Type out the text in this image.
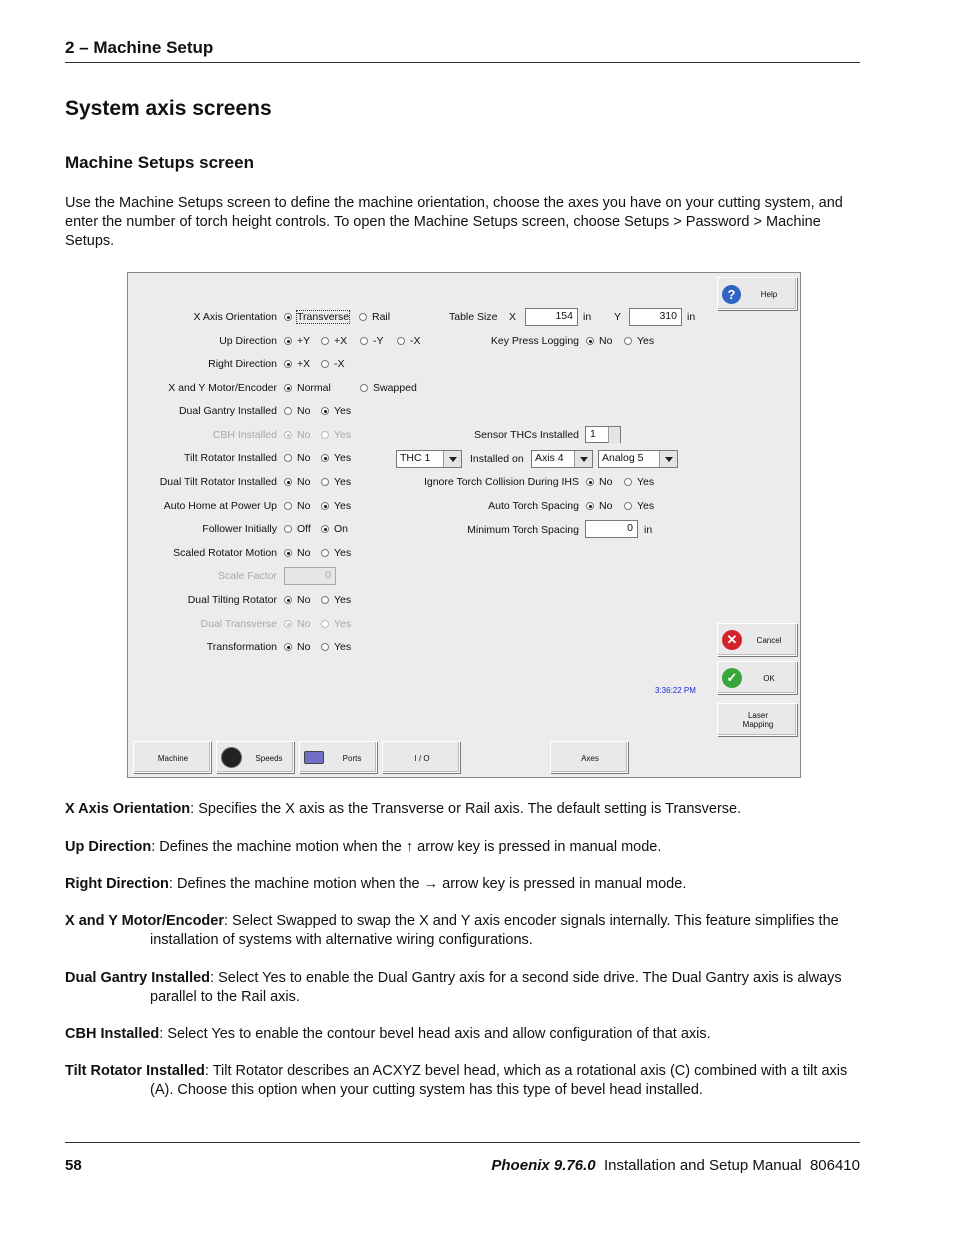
2 – Machine Setup
System axis screens
Machine Setups screen
Use the Machine Setups screen to define the machine orientation, choose the axes you have on your cutting system, and enter the number of torch height controls. To open the Machine Setups screen, choose Setups > Password > Machine Setups.
Table Size X	154 in Y	310 in
Key Press Logging No Yes
Sensor THCs Installed	1
THC 1	Installed on	Axis 4	Analog 5
Ignore Torch Collision During IHS No Yes
Auto Torch Spacing No Yes
Minimum Torch Spacing	0	in
3:36:22 PM
?	Help
✕	Cancel
✓	OK
Laser Mapping
Machine	Speeds	Ports	I / O	Axes
X Axis Orientation Transverse Rail
Up Direction +Y +X -Y	-X
Right Direction +X -X
X and Y Motor/Encoder Normal	Swapped
Dual Gantry Installed No Yes
CBH Installed No Yes
Tilt Rotator Installed No Yes
Dual Tilt Rotator Installed No Yes
Auto Home at Power Up No Yes
Follower Initially Off On
Scaled Rotator Motion No Yes
Scale Factor	0
Dual Tilting Rotator No Yes
Dual Transverse No Yes
Transformation No Yes
X Axis Orientation: Specifies the X axis as the Transverse or Rail axis. The default setting is Transverse.
Up Direction: Defines the machine motion when the ↑ arrow key is pressed in manual mode.
Right Direction: Defines the machine motion when the → arrow key is pressed in manual mode.
X and Y Motor/Encoder: Select Swapped to swap the X and Y axis encoder signals internally. This feature simplifies the installation of systems with alternative wiring configurations.
Dual Gantry Installed: Select Yes to enable the Dual Gantry axis for a second side drive. The Dual Gantry axis is always parallel to the Rail axis.
CBH Installed: Select Yes to enable the contour bevel head axis and allow configuration of that axis.
Tilt Rotator Installed: Tilt Rotator describes an ACXYZ bevel head, which as a rotational axis (C) combined with a tilt axis (A). Choose this option when your cutting system has this type of bevel head installed.
58	Phoenix 9.76.0 Installation and Setup Manual 806410
